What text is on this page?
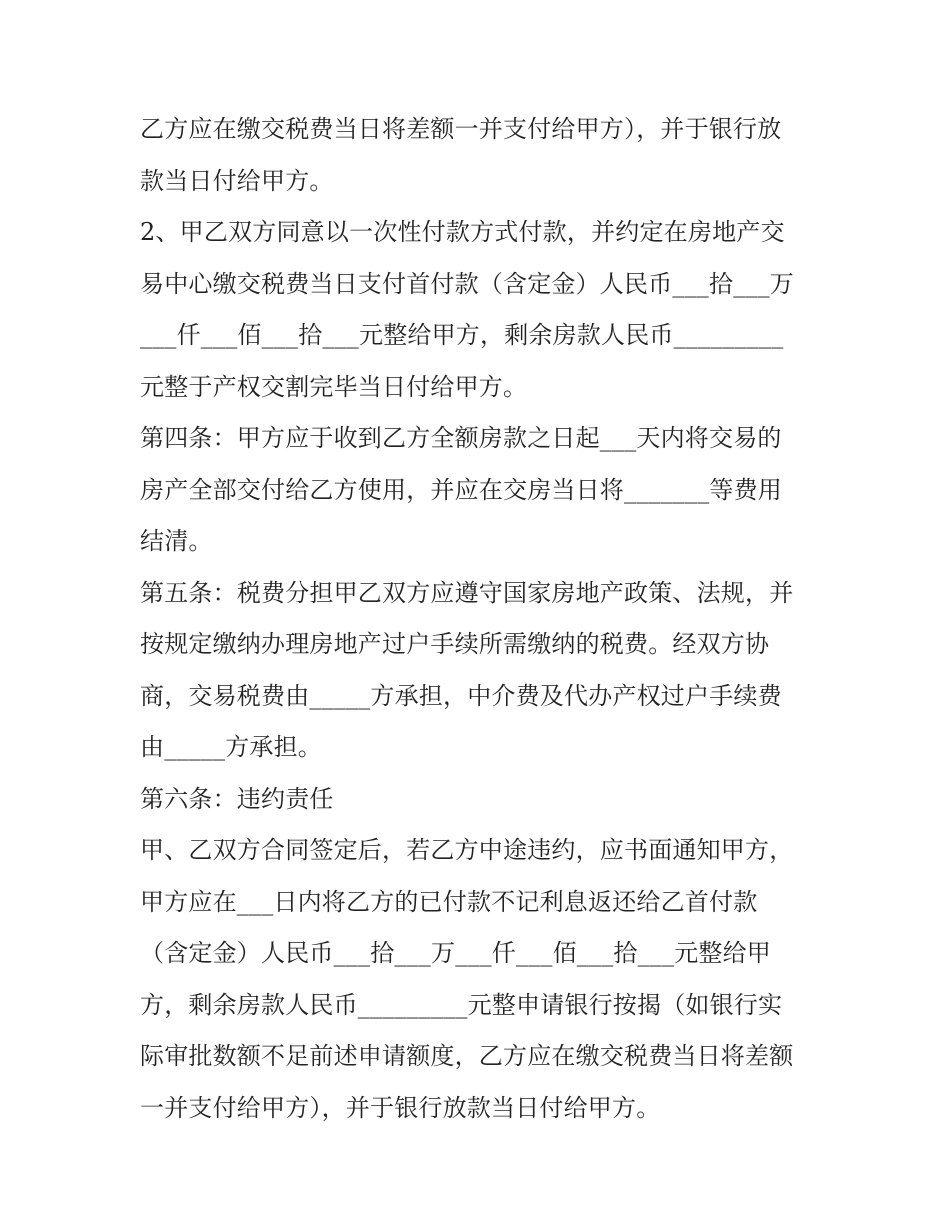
乙方应在缴交税费当日将差额一并支付给甲方），并于银行放
款当日付给甲方。
2、甲乙双方同意以一次性付款方式付款，并约定在房地产交
易中心缴交税费当日支付首付款（含定金）人民币___拾___万
___仟___佰___拾___元整给甲方，剩余房款人民币_________
元整于产权交割完毕当日付给甲方。
第四条：甲方应于收到乙方全额房款之日起___天内将交易的
房产全部交付给乙方使用，并应在交房当日将_______等费用
结清。
第五条：税费分担甲乙双方应遵守国家房地产政策、法规，并
按规定缴纳办理房地产过户手续所需缴纳的税费。经双方协
商，交易税费由_____方承担，中介费及代办产权过户手续费
由_____方承担。
第六条：违约责任
甲、乙双方合同签定后，若乙方中途违约，应书面通知甲方，
甲方应在___日内将乙方的已付款不记利息返还给乙首付款
（含定金）人民币___拾___万___仟___佰___拾___元整给甲
方，剩余房款人民币_________元整申请银行按揭（如银行实
际审批数额不足前述申请额度，乙方应在缴交税费当日将差额
一并支付给甲方），并于银行放款当日付给甲方。
